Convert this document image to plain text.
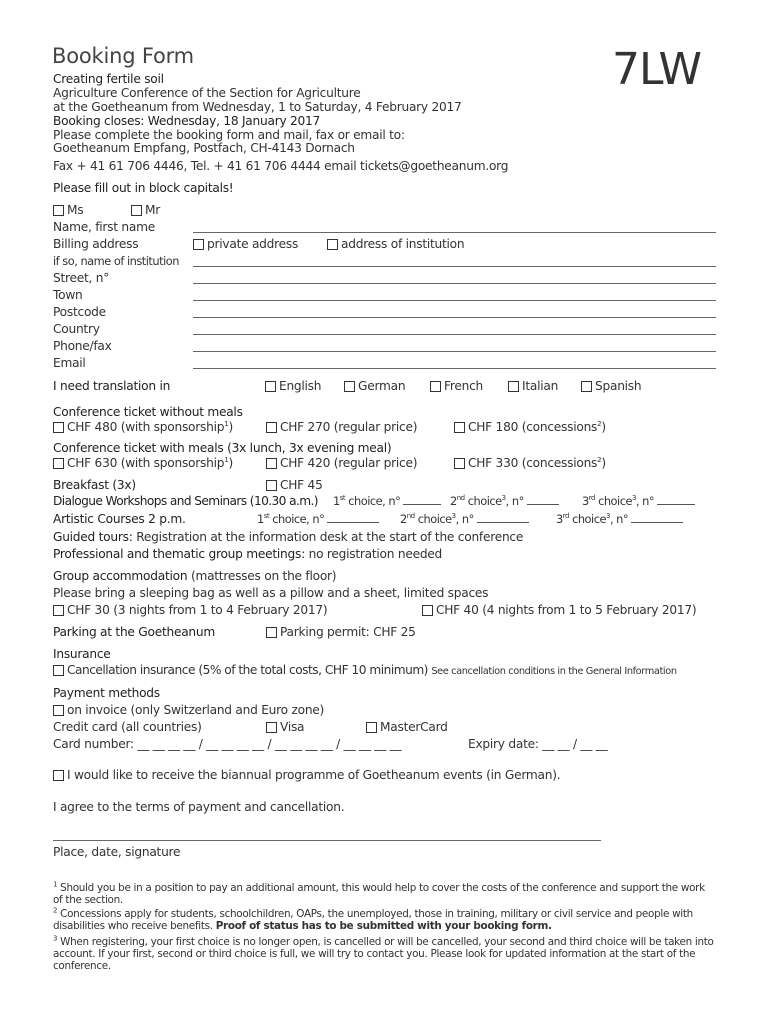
Booking Form	7LW
Creating fertile soil
Agriculture Conference of the Section for Agriculture
at the Goetheanum from Wednesday, 1 to Saturday, 4 February 2017
Booking closes: Wednesday, 18 January 2017
Please complete the booking form and mail, fax or email to:
Goetheanum Empfang, Postfach, CH-4143 Dornach
Fax + 41 61 706 4446, Tel. + 41 61 706 4444 email tickets@goetheanum.org
Please fill out in block capitals!
Ms	Mr
Name, first name
Billing address	private address	address of institution
if so, name of institution
Street, n°
Town
Postcode
Country
Phone/fax
Email
I need translation in	English	German	French	Italian	Spanish
Conference ticket without meals
CHF 480 (with sponsorship$^1$)	CHF 270 (regular price)	CHF 180 (concessions$^2$)
Conference ticket with meals (3x lunch, 3x evening meal)
CHF 630 (with sponsorship$^1$)	CHF 420 (regular price)	CHF 330 (concessions$^2$)
Breakfast (3x)	CHF 45
Dialogue Workshops and Seminars (10.30 a.m.) 1st choice, n°	2nd choice$^3$, n°	3rd choice$^3$, n°
Artistic Courses 2 p.m.	1st choice, n°	2nd choice$^3$, n°	3rd choice$^3$, n°
Guided tours: Registration at the information desk at the start of the conference
Professional and thematic group meetings: no registration needed
Group accommodation (mattresses on the floor)
Please bring a sleeping bag as well as a pillow and a sheet, limited spaces
CHF 30 (3 nights from 1 to 4 February 2017)	CHF 40 (4 nights from 1 to 5 February 2017)
Parking at the Goetheanum	Parking permit: CHF 25
Insurance
Cancellation insurance (5% of the total costs, CHF 10 minimum) See cancellation conditions in the General Information
Payment methods
on invoice (only Switzerland and Euro zone)
Credit card (all countries)	Visa	MasterCard
Card number: __ __ __ __ / __ __ __ __ / __ __ __ __ / __ __ __ __	Expiry date: __ __ / __ __
I would like to receive the biannual programme of Goetheanum events (in German).
I agree to the terms of payment and cancellation.
Place, date, signature
$^1$ Should you be in a position to pay an additional amount, this would help to cover the costs of the conference and support the work of the section.
$^2$ Concessions apply for students, schoolchildren, OAPs, the unemployed, those in training, military or civil service and people with disabilities who receive benefits. Proof of status has to be submitted with your booking form.
$^3$ When registering, your first choice is no longer open, is cancelled or will be cancelled, your second and third choice will be taken into account. If your first, second or third choice is full, we will try to contact you. Please look for updated information at the start of the conference.
